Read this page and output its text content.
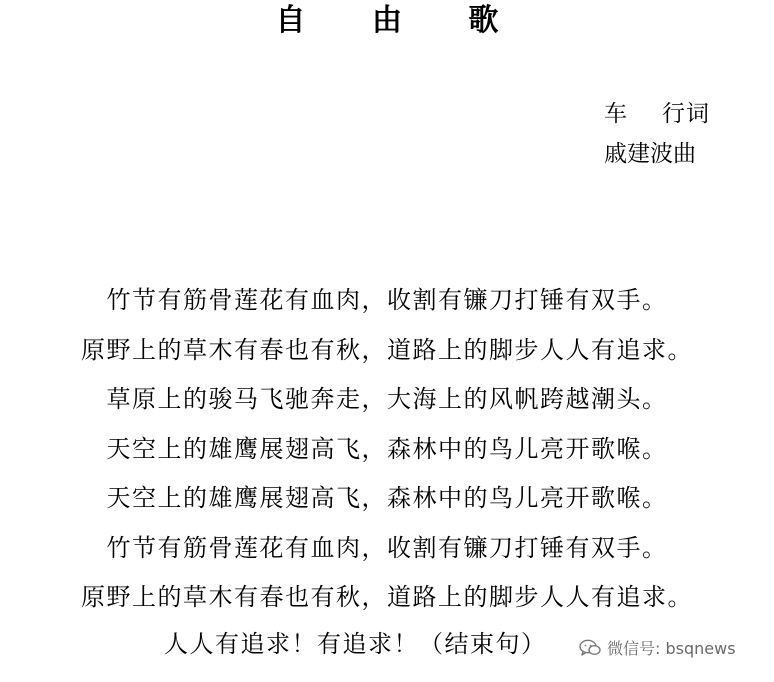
自 由 歌
车 行词
戚建波曲
竹节有筋骨莲花有血肉，收割有镰刀打锤有双手。
原野上的草木有春也有秋，道路上的脚步人人有追求。
草原上的骏马飞驰奔走，大海上的风帆跨越潮头。
天空上的雄鹰展翅高飞，森林中的鸟儿亮开歌喉。
天空上的雄鹰展翅高飞，森林中的鸟儿亮开歌喉。
竹节有筋骨莲花有血肉，收割有镰刀打锤有双手。
原野上的草木有春也有秋，道路上的脚步人人有追求。
人人有追求！有追求！（结束句）	微信号: bsqnews
